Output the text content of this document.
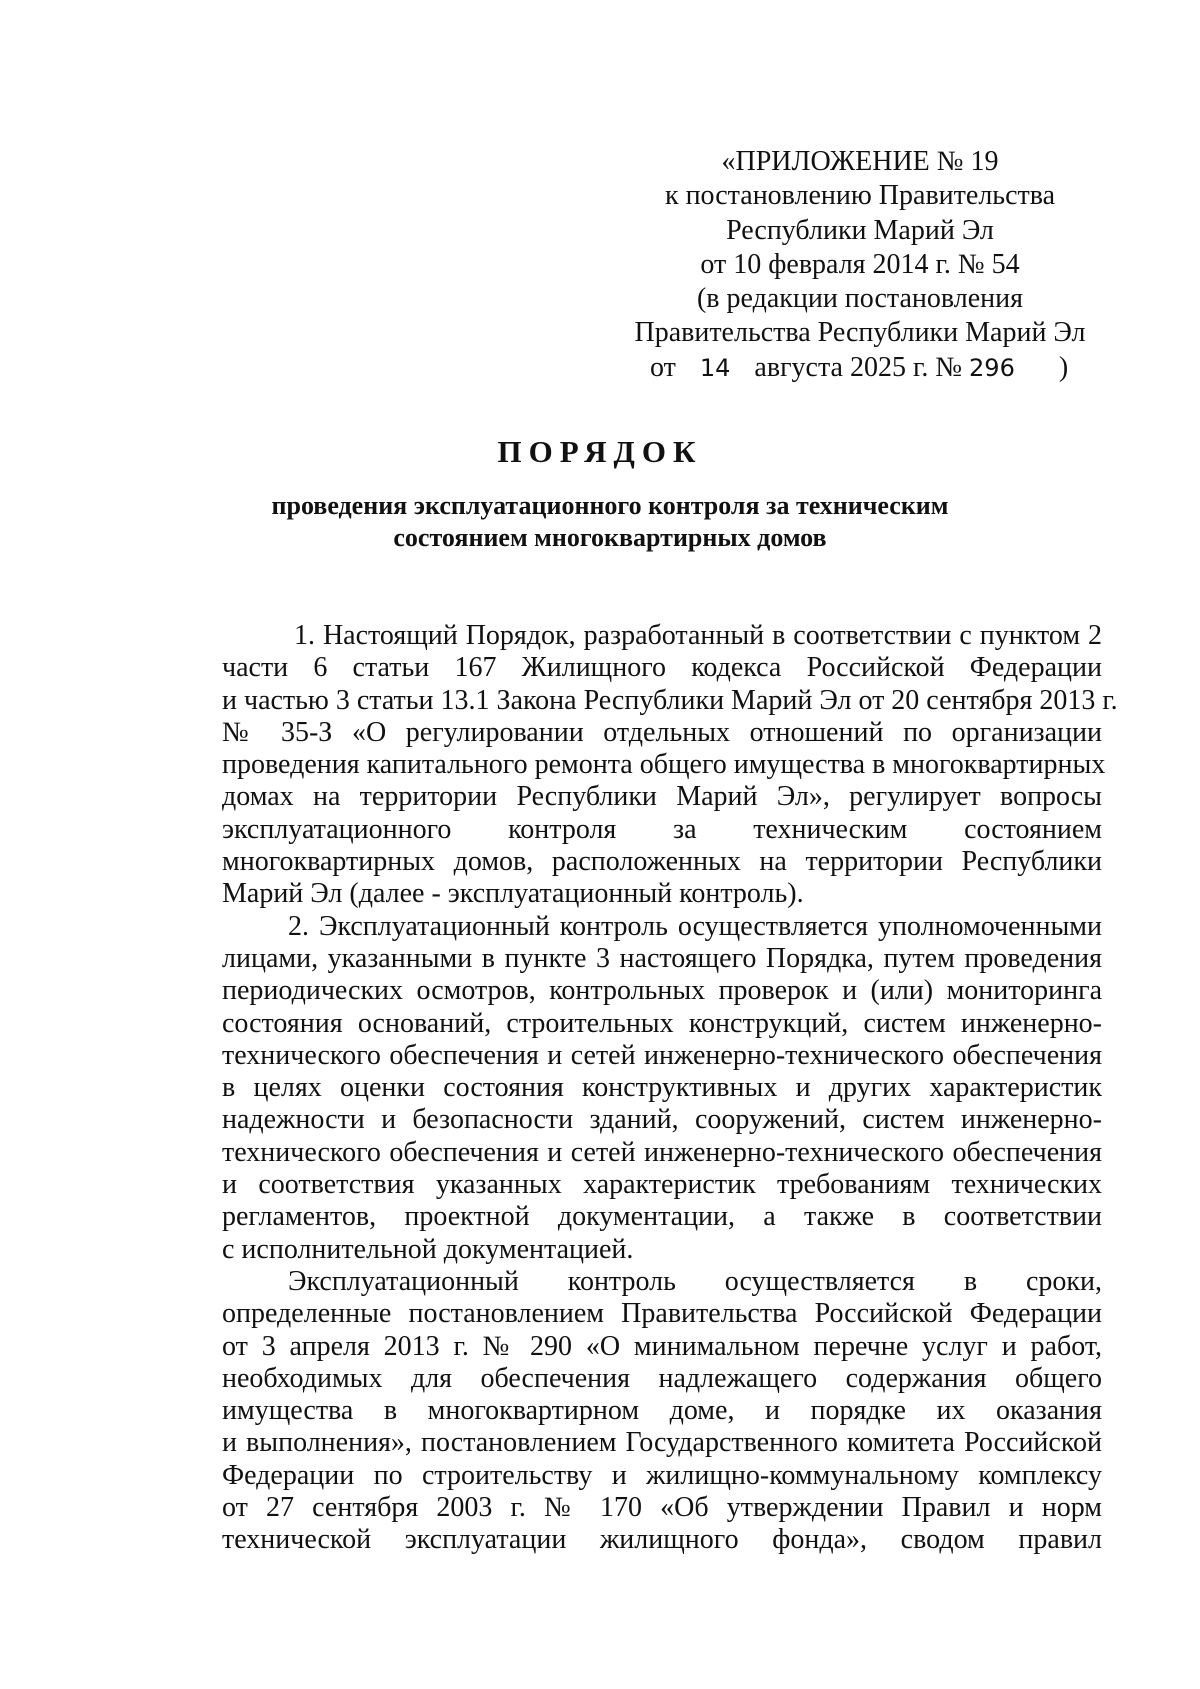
«ПРИЛОЖЕНИЕ № 19
к постановлению Правительства
Республики Марий Эл
от 10 февраля 2014 г. № 54
(в редакции постановления
Правительства Республики Марий Эл
от 14 августа 2025 г. № 296 )
ПОРЯДОК
проведения эксплуатационного контроля за техническим
состоянием многоквартирных домов
1. Настоящий Порядок, разработанный в соответствии с пунктом 2
части 6 статьи 167 Жилищного кодекса Российской Федерации
и частью 3 статьи 13.1 Закона Республики Марий Эл от 20 сентября 2013 г.
№ 35-З «О регулировании отдельных отношений по организации
проведения капитального ремонта общего имущества в многоквартирных
домах на территории Республики Марий Эл», регулирует вопросы
эксплуатационного контроля за техническим состоянием
многоквартирных домов, расположенных на территории Республики
Марий Эл (далее - эксплуатационный контроль).
2. Эксплуатационный контроль осуществляется уполномоченными
лицами, указанными в пункте 3 настоящего Порядка, путем проведения
периодических осмотров, контрольных проверок и (или) мониторинга
состояния оснований, строительных конструкций, систем инженерно-
технического обеспечения и сетей инженерно-технического обеспечения
в целях оценки состояния конструктивных и других характеристик
надежности и безопасности зданий, сооружений, систем инженерно-
технического обеспечения и сетей инженерно-технического обеспечения
и соответствия указанных характеристик требованиям технических
регламентов, проектной документации, а также в соответствии
с исполнительной документацией.
Эксплуатационный контроль осуществляется в сроки,
определенные постановлением Правительства Российской Федерации
от 3 апреля 2013 г. № 290 «О минимальном перечне услуг и работ,
необходимых для обеспечения надлежащего содержания общего
имущества в многоквартирном доме, и порядке их оказания
и выполнения», постановлением Государственного комитета Российской
Федерации по строительству и жилищно-коммунальному комплексу
от 27 сентября 2003 г. № 170 «Об утверждении Правил и норм
технической эксплуатации жилищного фонда», сводом правил
